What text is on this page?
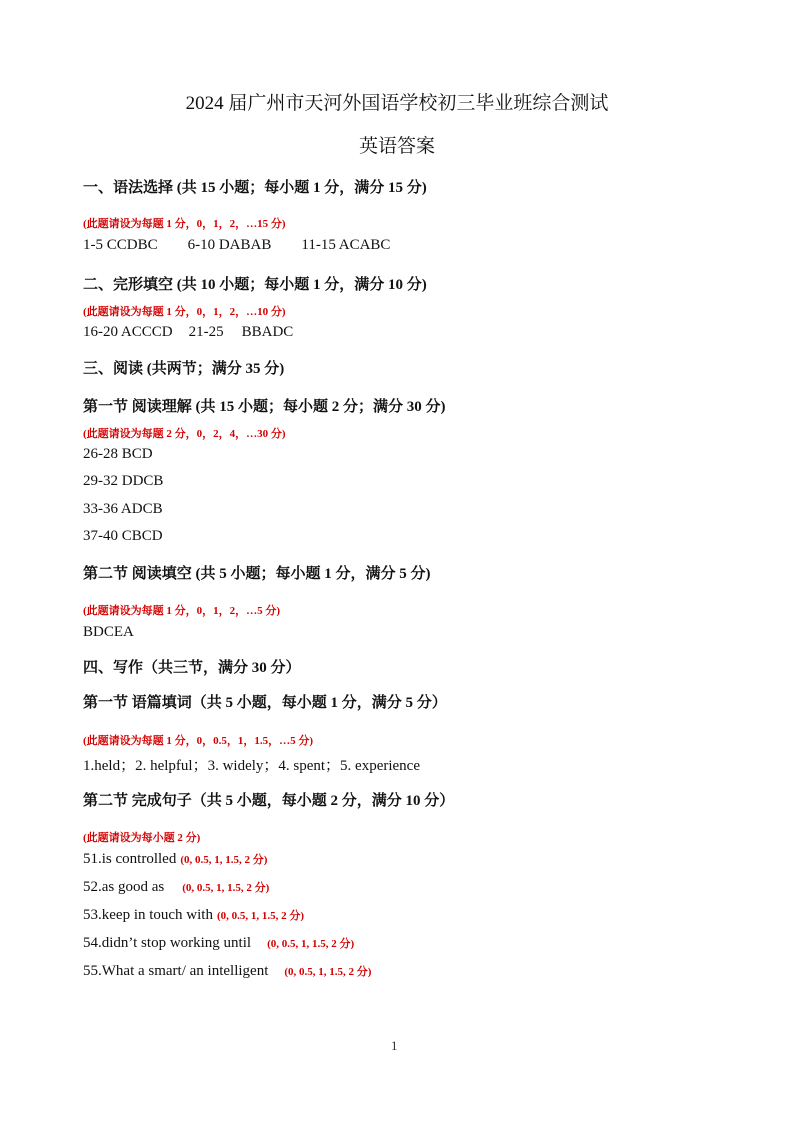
2024 届广州市天河外国语学校初三毕业班综合测试
英语答案
一、语法选择 (共 15 小题；每小题 1 分，满分 15 分)
(此题请设为每题 1 分，0，1，2，…15 分)
1-5 CCDBC 6-10 DABAB 11-15 ACABC
二、完形填空 (共 10 小题；每小题 1 分，满分 10 分)
(此题请设为每题 1 分，0，1，2，…10 分)
16-20 ACCCD 21-25 BBADC
三、阅读 (共两节；满分 35 分)
第一节 阅读理解 (共 15 小题；每小题 2 分；满分 30 分)
(此题请设为每题 2 分，0，2，4，…30 分)
26-28 BCD
29-32 DDCB
33-36 ADCB
37-40 CBCD
第二节 阅读填空 (共 5 小题；每小题 1 分，满分 5 分)
(此题请设为每题 1 分，0，1，2，…5 分)
BDCEA
四、写作（共三节，满分 30 分）
第一节 语篇填词（共 5 小题，每小题 1 分，满分 5 分）
(此题请设为每题 1 分，0，0.5，1，1.5，…5 分)
1.held；2. helpful；3. widely；4. spent；5. experience
第二节 完成句子（共 5 小题，每小题 2 分，满分 10 分）
(此题请设为每小题 2 分)
51.is controlled (0, 0.5, 1, 1.5, 2 分)
52.as good as (0, 0.5, 1, 1.5, 2 分)
53.keep in touch with (0, 0.5, 1, 1.5, 2 分)
54.didn’t stop working until (0, 0.5, 1, 1.5, 2 分)
55.What a smart/ an intelligent (0, 0.5, 1, 1.5, 2 分)
1
